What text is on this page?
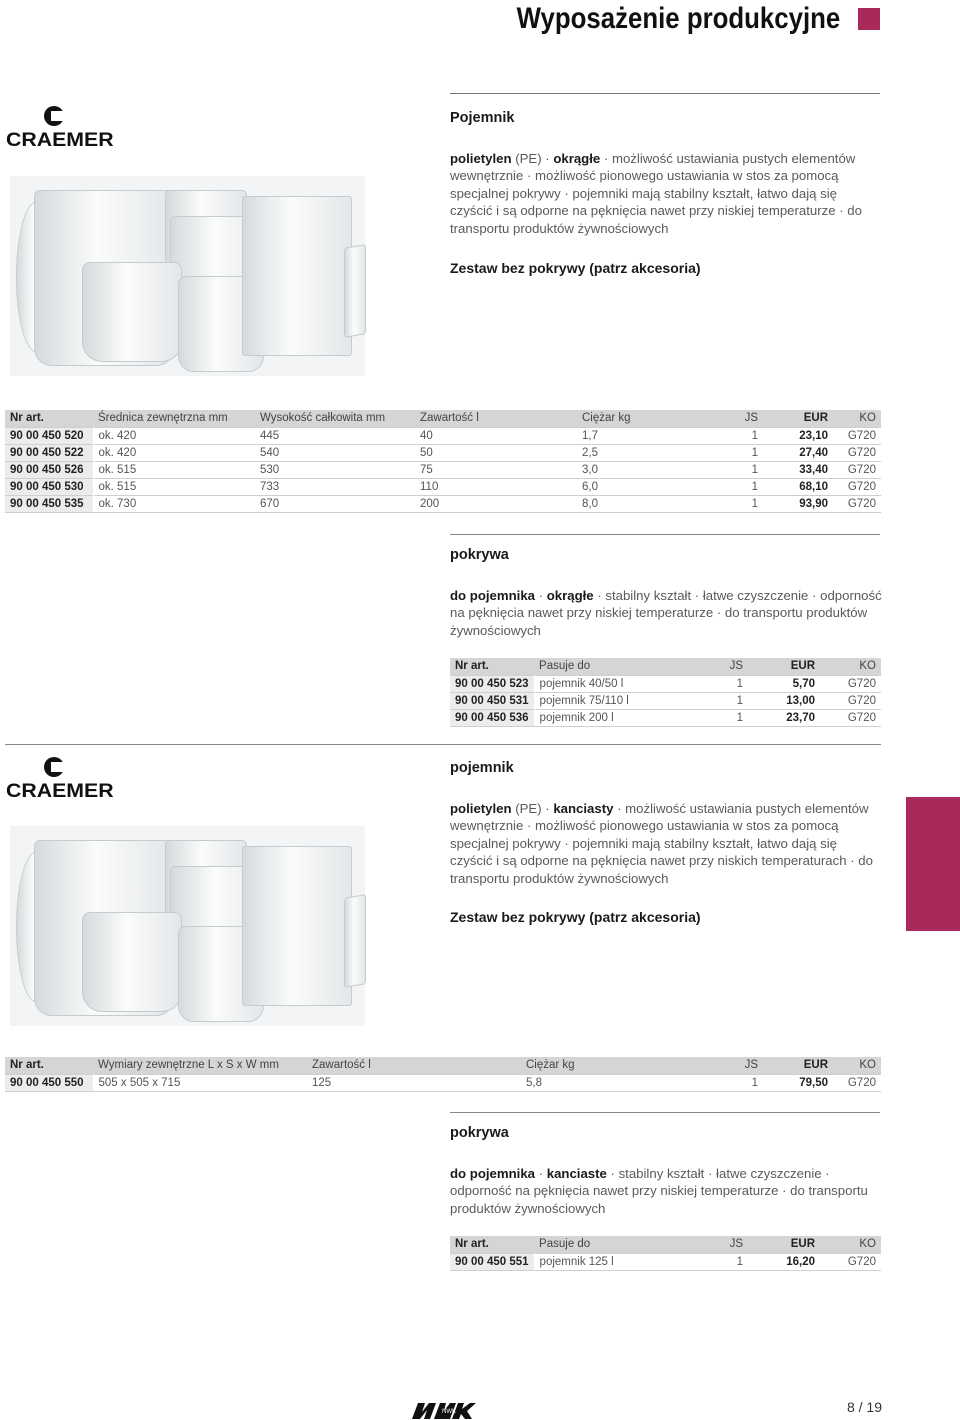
Wyposażenie produkcyjne
CRAEMER
Pojemnik
polietylen (PE) · okrągłe · możliwość ustawiania pustych elementów wewnętrznie · możliwość pionowego ustawiania w stos za pomocą specjalnej pokrywy · pojemniki mają stabilny kształt, łatwo dają się czyścić i są odporne na pęknięcia nawet przy niskiej temperaturze · do transportu produktów żywnościowych
Zestaw bez pokrywy (patrz akcesoria)
Nr art.	Średnica zewnętrzna mm	Wysokość całkowita mm	Zawartość l	Ciężar kg	JS	EUR	KO
90 00 450 520	ok. 420	445	40	1,7	1	23,10	G720
90 00 450 522	ok. 420	540	50	2,5	1	27,40	G720
90 00 450 526	ok. 515	530	75	3,0	1	33,40	G720
90 00 450 530	ok. 515	733	110	6,0	1	68,10	G720
90 00 450 535	ok. 730	670	200	8,0	1	93,90	G720
pokrywa
do pojemnika · okrągłe · stabilny kształt · łatwe czyszczenie · odporność na pęknięcia nawet przy niskiej temperaturze · do transportu produktów żywnościowych
Nr art.	Pasuje do	JS	EUR	KO
90 00 450 523	pojemnik 40/50 l	1	5,70	G720
90 00 450 531	pojemnik 75/110 l	1	13,00	G720
90 00 450 536	pojemnik 200 l	1	23,70	G720
CRAEMER
pojemnik
polietylen (PE) · kanciasty · możliwość ustawiania pustych elementów wewnętrznie · możliwość pionowego ustawiania w stos za pomocą specjalnej pokrywy · pojemniki mają stabilny kształt, łatwo dają się czyścić i są odporne na pęknięcia nawet przy niskich temperaturach · do transportu produktów żywnościowych
Zestaw bez pokrywy (patrz akcesoria)
Nr art.	Wymiary zewnętrzne L x S x W mm	Zawartość l	Ciężar kg	JS	EUR	KO
90 00 450 550	505 x 505 x 715	125	5,8	1	79,50	G720
pokrywa
do pojemnika · kanciaste · stabilny kształt · łatwe czyszczenie · odporność na pęknięcia nawet przy niskiej temperaturze · do transportu produktów żywnościowych
Nr art.	Pasuje do	JS	EUR	KO
90 00 450 551	pojemnik 125 l	1	16,20	G720
NWK	8 / 19
